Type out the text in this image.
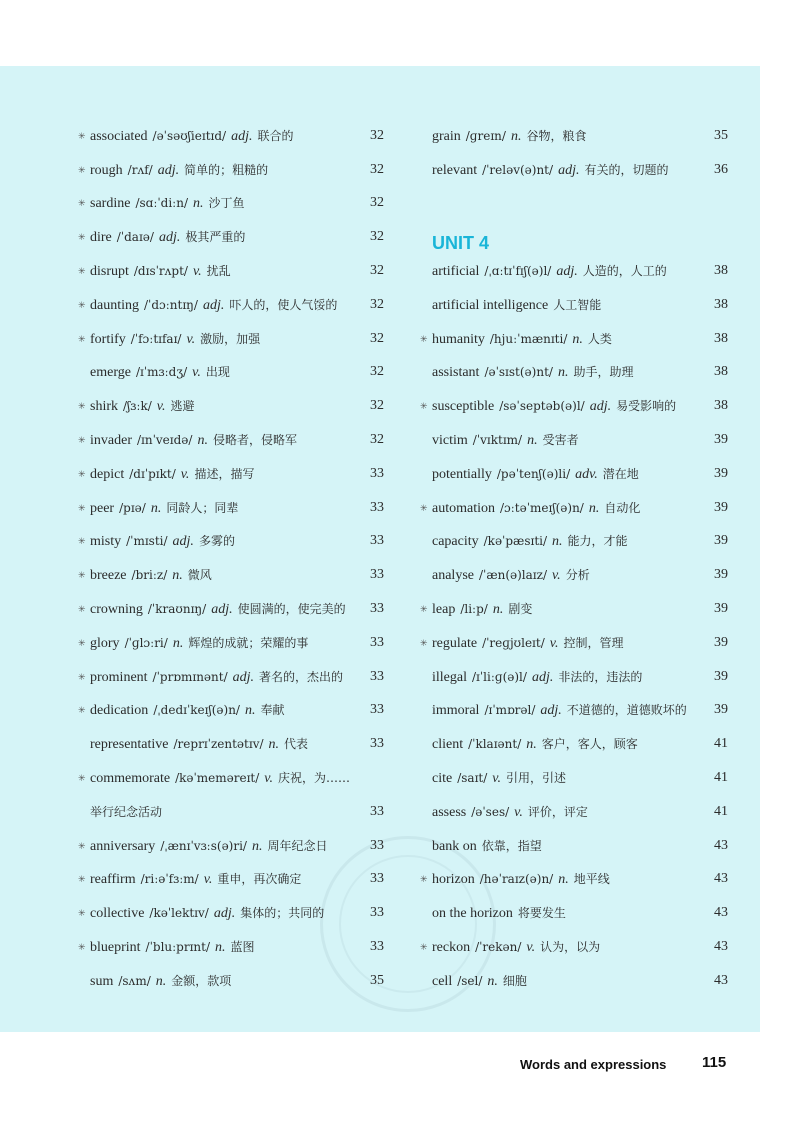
✳ associated /əˈsəʊʃieɪtɪd/ adj. 联合的	32
✳ rough /rʌf/ adj. 简单的；粗糙的	32
✳ sardine /sɑːˈdiːn/ n. 沙丁鱼	32
✳ dire /ˈdaɪə/ adj. 极其严重的	32
✳ disrupt /dɪsˈrʌpt/ v. 扰乱	32
✳ daunting /ˈdɔːntɪŋ/ adj. 吓人的，使人气馁的 32
✳ fortify /ˈfɔːtɪfaɪ/ v. 激励，加强	32
emerge /ɪˈmɜːdʒ/ v. 出现	32
✳ shirk /ʃɜːk/ v. 逃避	32
✳ invader /ɪnˈveɪdə/ n. 侵略者，侵略军	32
✳ depict /dɪˈpɪkt/ v. 描述，描写	33
✳ peer /pɪə/ n. 同龄人；同辈	33
✳ misty /ˈmɪsti/ adj. 多雾的	33
✳ breeze /briːz/ n. 微风	33
✳ crowning /ˈkraʊnɪŋ/ adj. 使圆满的，使完美的 33
✳ glory /ˈɡlɔːri/ n. 辉煌的成就；荣耀的事	33
✳ prominent /ˈprɒmɪnənt/ adj. 著名的，杰出的 33
✳ dedication /ˌdedɪˈkeɪʃ(ə)n/ n. 奉献	33
representative /reprɪˈzentətɪv/ n. 代表	33
✳ commemorate /kəˈmeməreɪt/ v. 庆祝，为……
举行纪念活动	33
✳ anniversary /ˌænɪˈvɜːs(ə)ri/ n. 周年纪念日	33
✳ reaffirm /riːəˈfɜːm/ v. 重申，再次确定	33
✳ collective /kəˈlektɪv/ adj. 集体的；共同的	33
✳ blueprint /ˈbluːprɪnt/ n. 蓝图	33
sum /sʌm/ n. 金额，款项	35
grain /ɡreɪn/ n. 谷物，粮食	35
relevant /ˈreləv(ə)nt/ adj. 有关的，切题的	36
UNIT 4
artificial /ˌɑːtɪˈfɪʃ(ə)l/ adj. 人造的，人工的	38
artificial intelligence 人工智能	38
✳ humanity /hjuːˈmænɪti/ n. 人类	38
assistant /əˈsɪst(ə)nt/ n. 助手，助理	38
✳ susceptible /səˈseptəb(ə)l/ adj. 易受影响的	38
victim /ˈvɪktɪm/ n. 受害者	39
potentially /pəˈtenʃ(ə)li/ adv. 潜在地	39
✳ automation /ɔːtəˈmeɪʃ(ə)n/ n. 自动化	39
capacity /kəˈpæsɪti/ n. 能力，才能	39
analyse /ˈæn(ə)laɪz/ v. 分析	39
✳ leap /liːp/ n. 剧变	39
✳ regulate /ˈreɡjʊleɪt/ v. 控制，管理	39
illegal /ɪˈliːɡ(ə)l/ adj. 非法的，违法的	39
immoral /ɪˈmɒrəl/ adj. 不道德的，道德败坏的 39
client /ˈklaɪənt/ n. 客户，客人，顾客	41
cite /saɪt/ v. 引用，引述	41
assess /əˈses/ v. 评价，评定	41
bank on 依靠，指望	43
✳ horizon /həˈraɪz(ə)n/ n. 地平线	43
on the horizon 将要发生	43
✳ reckon /ˈrekən/ v. 认为，以为	43
cell /sel/ n. 细胞	43
Words and expressions 115
